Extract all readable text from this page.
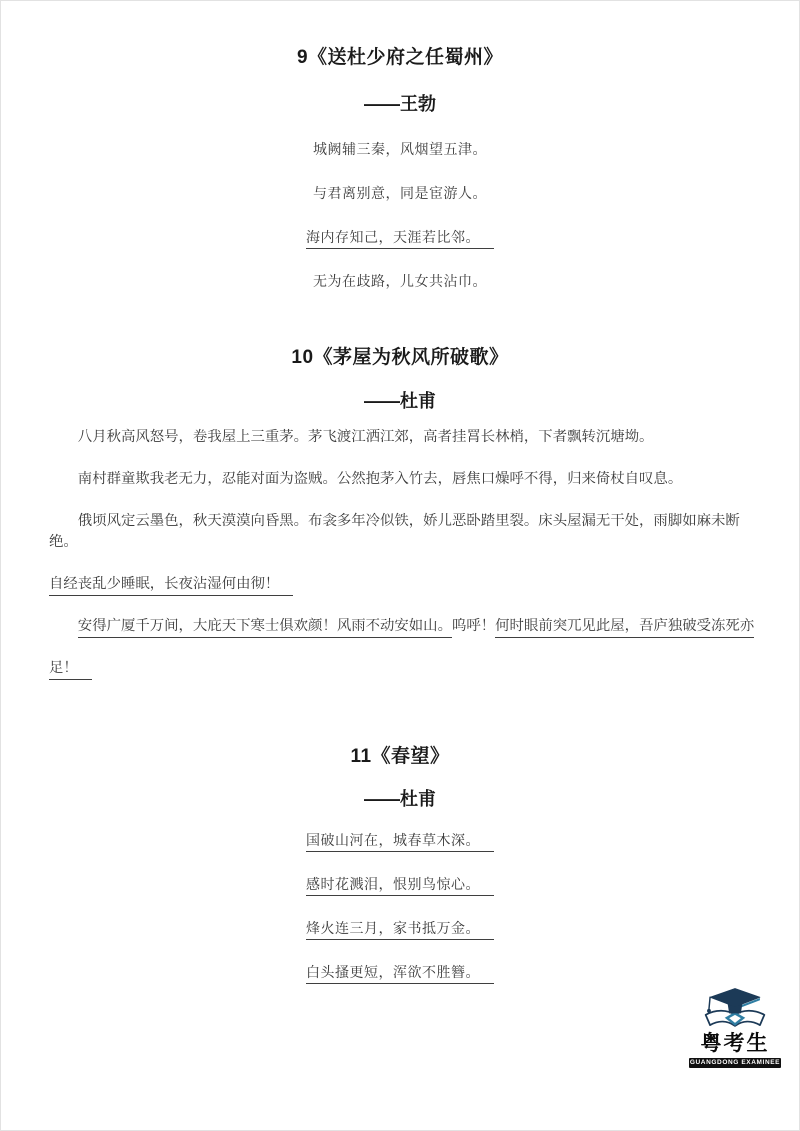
9《送杜少府之任蜀州》
——王勃

城阙辅三秦，风烟望五津。

与君离别意，同是宦游人。

海内存知己，天涯若比邻。

无为在歧路，儿女共沾巾。

10《茅屋为秋风所破歌》
——杜甫

八月秋高风怒号，卷我屋上三重茅。茅飞渡江洒江郊，高者挂罥长林梢，下者飘转沉塘坳。

南村群童欺我老无力，忍能对面为盗贼。公然抱茅入竹去，唇焦口燥呼不得，归来倚杖自叹息。

俄顷风定云墨色，秋天漠漠向昏黑。布衾多年冷似铁，娇儿恶卧踏里裂。床头屋漏无干处，雨脚如麻未断绝。

自经丧乱少睡眠，长夜沾湿何由彻！

安得广厦千万间，大庇天下寒士俱欢颜！风雨不动安如山。呜呼！何时眼前突兀见此屋，吾庐独破受冻死亦

足！

11《春望》
——杜甫

国破山河在，城春草木深。

感时花溅泪，恨别鸟惊心。

烽火连三月，家书抵万金。

白头搔更短，浑欲不胜簪。

粤考生
GUANGDONG EXAMINEE
